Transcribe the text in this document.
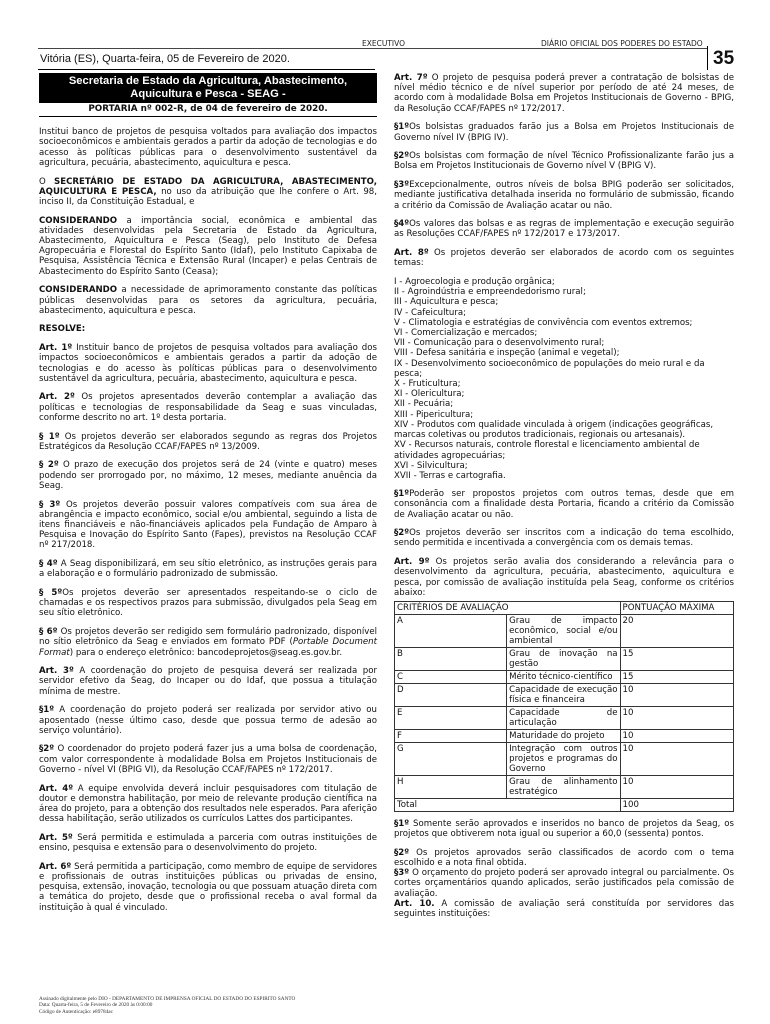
EXECUTIVO	DIÁRIO OFICIAL DOS PODERES DO ESTADO
Vitória (ES), Quarta-feira, 05 de Fevereiro de 2020.	35
Secretaria de Estado da Agricultura, Abastecimento, Aquicultura e Pesca - SEAG -
PORTARIA nº 002-R, de 04 de fevereiro de 2020.

Institui banco de projetos de pesquisa voltados para avaliação dos impactos socioeconômicos e ambientais gerados a partir da adoção de tecnologias e do acesso às políticas públicas para o desenvolvimento sustentável da agricultura, pecuária, abastecimento, aquicultura e pesca.

O SECRETÁRIO DE ESTADO DA AGRICULTURA, ABASTECIMENTO, AQUICULTURA E PESCA, no uso da atribuição que lhe confere o Art. 98, inciso II, da Constituição Estadual, e

CONSIDERANDO a importância social, econômica e ambiental das atividades desenvolvidas pela Secretaria de Estado da Agricultura, Abastecimento, Aquicultura e Pesca (Seag), pelo Instituto de Defesa Agropecuária e Florestal do Espírito Santo (Idaf), pelo Instituto Capixaba de Pesquisa, Assistência Técnica e Extensão Rural (Incaper) e pelas Centrais de Abastecimento do Espírito Santo (Ceasa);

CONSIDERANDO a necessidade de aprimoramento constante das políticas públicas desenvolvidas para os setores da agricultura, pecuária, abastecimento, aquicultura e pesca.

RESOLVE:

Art. 1º Instituir banco de projetos de pesquisa voltados para avaliação dos impactos socioeconômicos e ambientais gerados a partir da adoção de tecnologias e do acesso às políticas públicas para o desenvolvimento sustentável da agricultura, pecuária, abastecimento, aquicultura e pesca.

Art. 2º Os projetos apresentados deverão contemplar a avaliação das políticas e tecnologias de responsabilidade da Seag e suas vinculadas, conforme descrito no art. 1º desta portaria.

§ 1º Os projetos deverão ser elaborados segundo as regras dos Projetos Estratégicos da Resolução CCAF/FAPES nº 13/2009.

§ 2º O prazo de execução dos projetos será de 24 (vinte e quatro) meses podendo ser prorrogado por, no máximo, 12 meses, mediante anuência da Seag.

§ 3º Os projetos deverão possuir valores compatíveis com sua área de abrangência e impacto econômico, social e/ou ambiental, seguindo a lista de itens financiáveis e não-financiáveis aplicados pela Fundação de Amparo à Pesquisa e Inovação do Espírito Santo (Fapes), previstos na Resolução CCAF nº 217/2018.

§ 4º A Seag disponibilizará, em seu sítio eletrônico, as instruções gerais para a elaboração e o formulário padronizado de submissão.

§ 5ºOs projetos deverão ser apresentados respeitando-se o ciclo de chamadas e os respectivos prazos para submissão, divulgados pela Seag em seu sítio eletrônico.

§ 6º Os projetos deverão ser redigido sem formulário padronizado, disponível no sítio eletrônico da Seag e enviados em formato PDF (Portable Document Format) para o endereço eletrônico: bancodeprojetos@seag.es.gov.br.

Art. 3º A coordenação do projeto de pesquisa deverá ser realizada por servidor efetivo da Seag, do Incaper ou do Idaf, que possua a titulação mínima de mestre.

§1º A coordenação do projeto poderá ser realizada por servidor ativo ou aposentado (nesse último caso, desde que possua termo de adesão ao serviço voluntário).

§2º O coordenador do projeto poderá fazer jus a uma bolsa de coordenação, com valor correspondente à modalidade Bolsa em Projetos Institucionais de Governo - nível VI (BPIG VI), da Resolução CCAF/FAPES nº 172/2017.

Art. 4º A equipe envolvida deverá incluir pesquisadores com titulação de doutor e demonstra habilitação, por meio de relevante produção científica na área do projeto, para a obtenção dos resultados nele esperados. Para aferição dessa habilitação, serão utilizados os currículos Lattes dos participantes.

Art. 5º Será permitida e estimulada a parceria com outras instituições de ensino, pesquisa e extensão para o desenvolvimento do projeto.

Art. 6º Será permitida a participação, como membro de equipe de servidores e profissionais de outras instituições públicas ou privadas de ensino, pesquisa, extensão, inovação, tecnologia ou que possuam atuação direta com a temática do projeto, desde que o profissional receba o aval formal da instituição à qual é vinculado.

Art. 7º O projeto de pesquisa poderá prever a contratação de bolsistas de nível médio técnico e de nível superior por período de até 24 meses, de acordo com à modalidade Bolsa em Projetos Institucionais de Governo - BPIG, da Resolução CCAF/FAPES nº 172/2017.

§1ºOs bolsistas graduados farão jus a Bolsa em Projetos Institucionais de Governo nível IV (BPIG IV).

§2ºOs bolsistas com formação de nível Técnico Profissionalizante farão jus a Bolsa em Projetos Institucionais de Governo nível V (BPIG V).

§3ºExcepcionalmente, outros níveis de bolsa BPIG poderão ser solicitados, mediante justificativa detalhada inserida no formulário de submissão, ficando a critério da Comissão de Avaliação acatar ou não.

§4ºOs valores das bolsas e as regras de implementação e execução seguirão as Resoluções CCAF/FAPES nº 172/2017 e 173/2017.

Art. 8º Os projetos deverão ser elaborados de acordo com os seguintes temas:

I - Agroecologia e produção orgânica;

II - Agroindústria e empreendedorismo rural;

III - Aquicultura e pesca;

IV - Cafeicultura;

V - Climatologia e estratégias de convivência com eventos extremos;

VI - Comercialização e mercados;

VII - Comunicação para o desenvolvimento rural;

VIII - Defesa sanitária e inspeção (animal e vegetal);

IX - Desenvolvimento socioeconômico de populações do meio rural e da pesca;

X - Fruticultura;

XI - Olericultura;

XII - Pecuária;

XIII - Pipericultura;

XIV - Produtos com qualidade vinculada à origem (indicações geográficas, marcas coletivas ou produtos tradicionais, regionais ou artesanais).

XV - Recursos naturais, controle florestal e licenciamento ambiental de atividades agropecuárias;

XVI - Silvicultura;

XVII - Terras e cartografia.

§1ºPoderão ser propostos projetos com outros temas, desde que em consonância com a finalidade desta Portaria, ficando a critério da Comissão de Avaliação acatar ou não.

§2ºOs projetos deverão ser inscritos com a indicação do tema escolhido, sendo permitida e incentivada a convergência com os demais temas.

Art. 9º Os projetos serão avalia dos considerando a relevância para o desenvolvimento da agricultura, pecuária, abastecimento, aquicultura e pesca, por comissão de avaliação instituída pela Seag, conforme os critérios abaixo:

CRITÉRIOS DE AVALIAÇÃO		PONTUAÇÃO MÁXIMA
A	Grau de impacto econômico, social e/ou ambiental	20
B	Grau de inovação na gestão	15
C	Mérito técnico-científico	15
D	Capacidade de execução física e financeira	10
E	Capacidade de articulação	10
F	Maturidade do projeto	10
G	Integração com outros projetos e programas do Governo	10
H	Grau de alinhamento estratégico	10
Total		100

§1º Somente serão aprovados e inseridos no banco de projetos da Seag, os projetos que obtiverem nota igual ou superior a 60,0 (sessenta) pontos.

§2º Os projetos aprovados serão classificados de acordo com o tema escolhido e a nota final obtida.

§3º O orçamento do projeto poderá ser aprovado integral ou parcialmente. Os cortes orçamentários quando aplicados, serão justificados pela comissão de avaliação.

Art. 10. A comissão de avaliação será constituída por servidores das seguintes instituições:

Assinado digitalmente pelo DIO - DEPARTAMENTO DE IMPRENSA OFICIAL DO ESTADO DO ESPIRITO SANTO
Data: Quarta-feira, 5 de Fevereiro de 2020 às 0:00:00
Código de Autenticação: e89784ac
